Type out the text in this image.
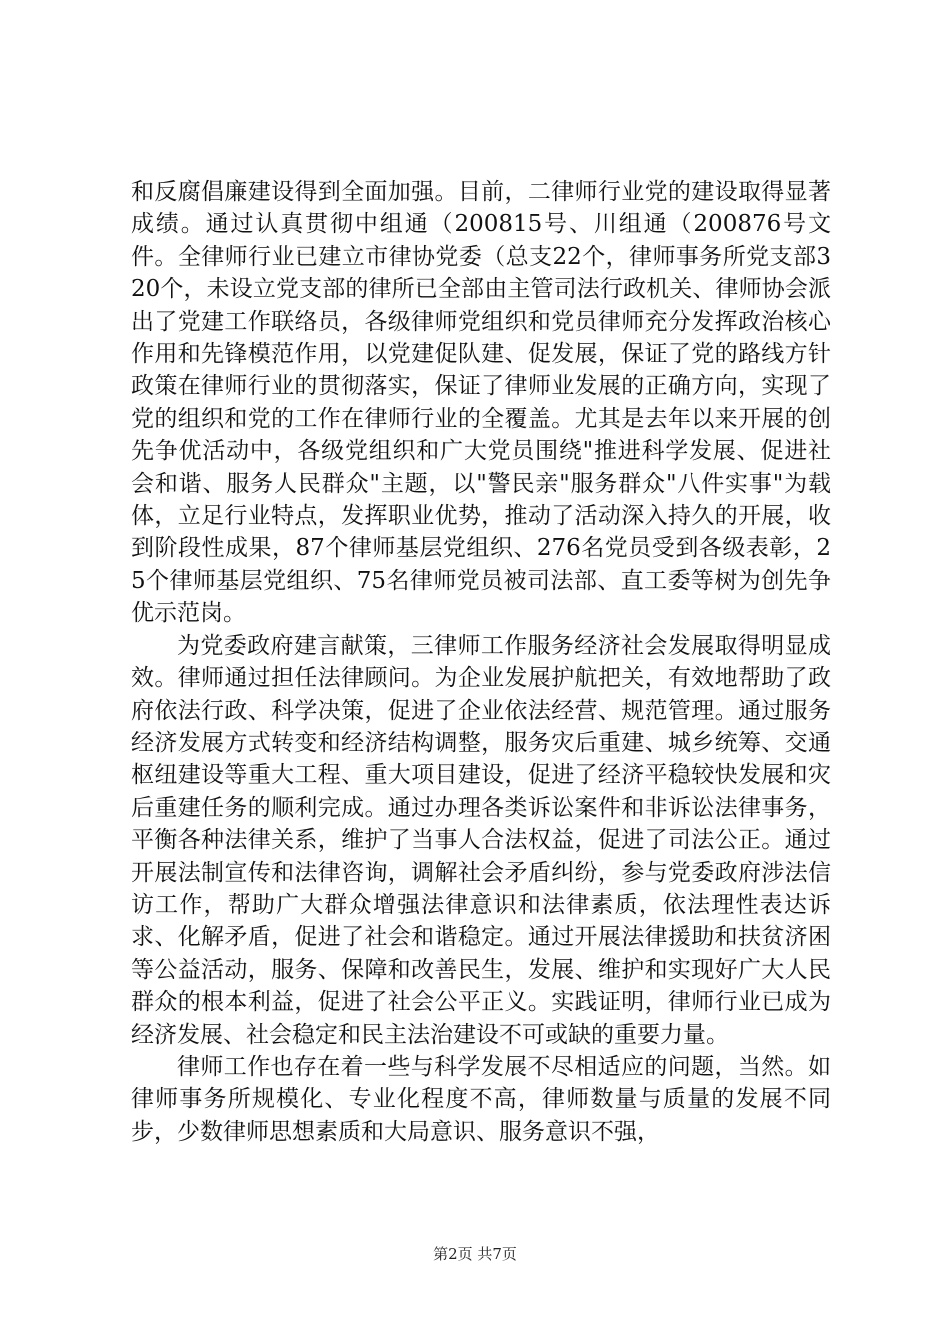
和反腐倡廉建设得到全面加强。目前，二律师行业党的建设取得显著成绩。通过认真贯彻中组通（200815号、川组通（200876号文件。全律师行业已建立市律协党委（总支22个，律师事务所党支部320个，未设立党支部的律所已全部由主管司法行政机关、律师协会派出了党建工作联络员，各级律师党组织和党员律师充分发挥政治核心作用和先锋模范作用，以党建促队建、促发展，保证了党的路线方针政策在律师行业的贯彻落实，保证了律师业发展的正确方向，实现了党的组织和党的工作在律师行业的全覆盖。尤其是去年以来开展的创先争优活动中，各级党组织和广大党员围绕"推进科学发展、促进社会和谐、服务人民群众"主题，以"警民亲"服务群众"八件实事"为载体，立足行业特点，发挥职业优势，推动了活动深入持久的开展，收到阶段性成果，87个律师基层党组织、276名党员受到各级表彰，25个律师基层党组织、75名律师党员被司法部、直工委等树为创先争优示范岗。

为党委政府建言献策，三律师工作服务经济社会发展取得明显成效。律师通过担任法律顾问。为企业发展护航把关，有效地帮助了政府依法行政、科学决策，促进了企业依法经营、规范管理。通过服务经济发展方式转变和经济结构调整，服务灾后重建、城乡统筹、交通枢纽建设等重大工程、重大项目建设，促进了经济平稳较快发展和灾后重建任务的顺利完成。通过办理各类诉讼案件和非诉讼法律事务，平衡各种法律关系，维护了当事人合法权益，促进了司法公正。通过开展法制宣传和法律咨询，调解社会矛盾纠纷，参与党委政府涉法信访工作，帮助广大群众增强法律意识和法律素质，依法理性表达诉求、化解矛盾，促进了社会和谐稳定。通过开展法律援助和扶贫济困等公益活动，服务、保障和改善民生，发展、维护和实现好广大人民群众的根本利益，促进了社会公平正义。实践证明，律师行业已成为经济发展、社会稳定和民主法治建设不可或缺的重要力量。

律师工作也存在着一些与科学发展不尽相适应的问题，当然。如律师事务所规模化、专业化程度不高，律师数量与质量的发展不同步，少数律师思想素质和大局意识、服务意识不强，

第2页 共7页
